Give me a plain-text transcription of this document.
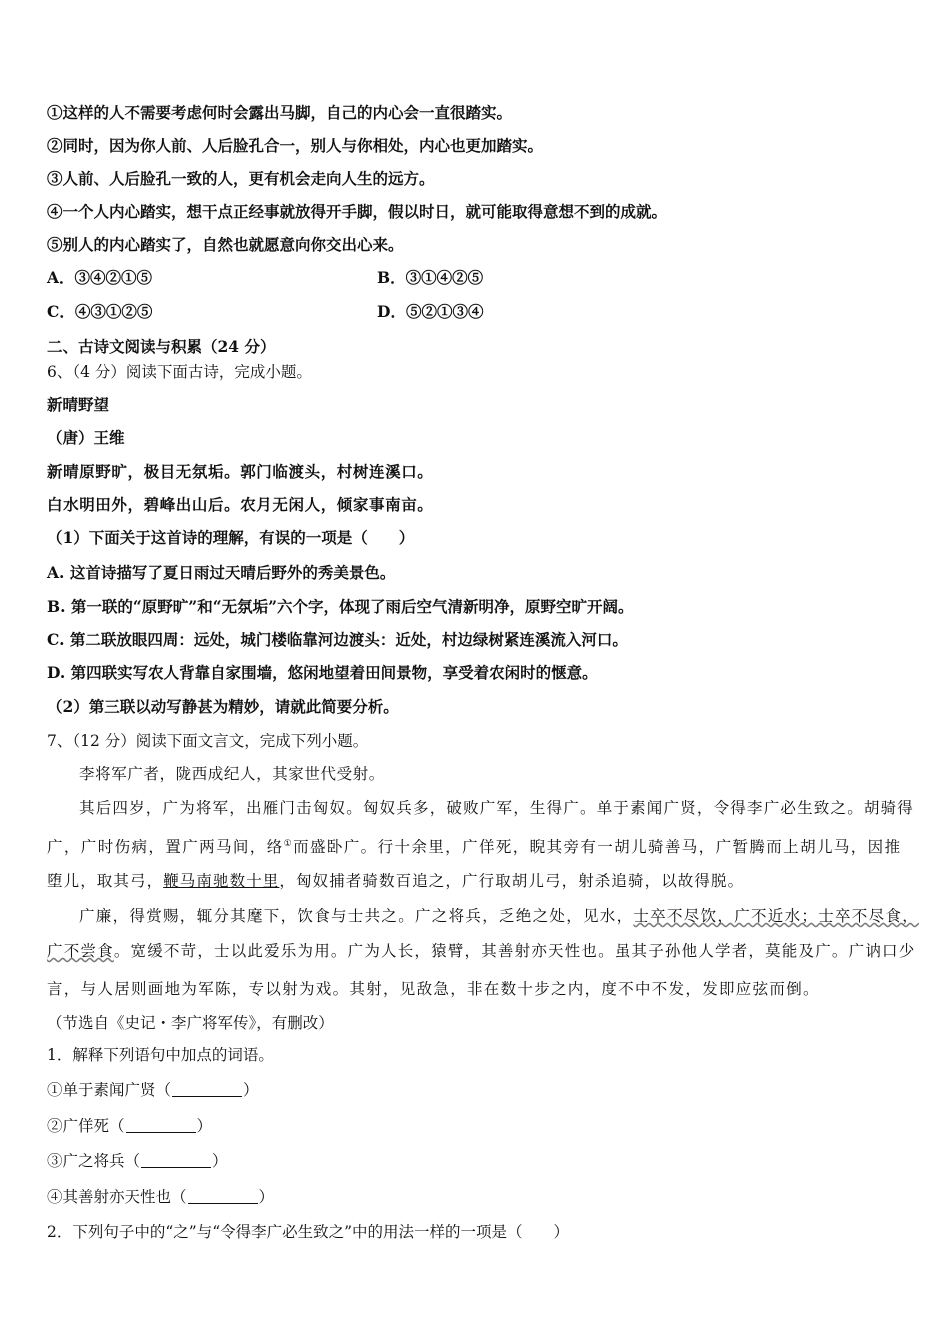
①这样的人不需要考虑何时会露出马脚，自己的内心会一直很踏实。
②同时，因为你人前、人后脸孔合一，别人与你相处，内心也更加踏实。
③人前、人后脸孔一致的人，更有机会走向人生的远方。
④一个人内心踏实，想干点正经事就放得开手脚，假以时日，就可能取得意想不到的成就。
⑤别人的内心踏实了，自然也就愿意向你交出心来。
A．③④②①⑤	B．③①④②⑤
C．④③①②⑤	D．⑤②①③④
二、古诗文阅读与积累（24 分）
6、（4 分）阅读下面古诗，完成小题。
新晴野望
（唐）王维
新晴原野旷，极目无氛垢。郭门临渡头，村树连溪口。
白水明田外，碧峰出山后。农月无闲人，倾家事南亩。
（1）下面关于这首诗的理解，有误的一项是（　　）
A. 这首诗描写了夏日雨过天晴后野外的秀美景色。
B. 第一联的“原野旷”和“无氛垢”六个字，体现了雨后空气清新明净，原野空旷开阔。
C. 第二联放眼四周：远处，城门楼临靠河边渡头：近处，村边绿树紧连溪流入河口。
D. 第四联实写农人背靠自家围墙，悠闲地望着田间景物，享受着农闲时的惬意。
（2）第三联以动写静甚为精妙，请就此简要分析。
7、（12 分）阅读下面文言文，完成下列小题。
李将军广者，陇西成纪人，其家世代受射。
其后四岁，广为将军，出雁门击匈奴。匈奴兵多，破败广军，生得广。单于素闻广贤，令得李广必生致之。胡骑得
广，广时伤病，置广两马间，络①而盛卧广。行十余里，广佯死，睨其旁有一胡儿骑善马，广暂腾而上胡儿马，因推
堕儿，取其弓，鞭马南驰数十里，匈奴捕者骑数百追之，广行取胡儿弓，射杀追骑，以故得脱。
广廉，得赏赐，辄分其麾下，饮食与士共之。广之将兵，乏绝之处，见水，士卒不尽饮，广不近水；士卒不尽食，
广不尝食。宽缓不苛，士以此爱乐为用。广为人长，猿臂，其善射亦天性也。虽其子孙他人学者，莫能及广。广讷口少
言，与人居则画地为军陈，专以射为戏。其射，见敌急，非在数十步之内，度不中不发，发即应弦而倒。
（节选自《史记・李广将军传》，有删改）
1．解释下列语句中加点的词语。
①单于素闻广贤（	）
②广佯死（	）
③广之将兵（	）
④其善射亦天性也（	）
2．下列句子中的“之”与“令得李广必生致之”中的用法一样的一项是（　　）
